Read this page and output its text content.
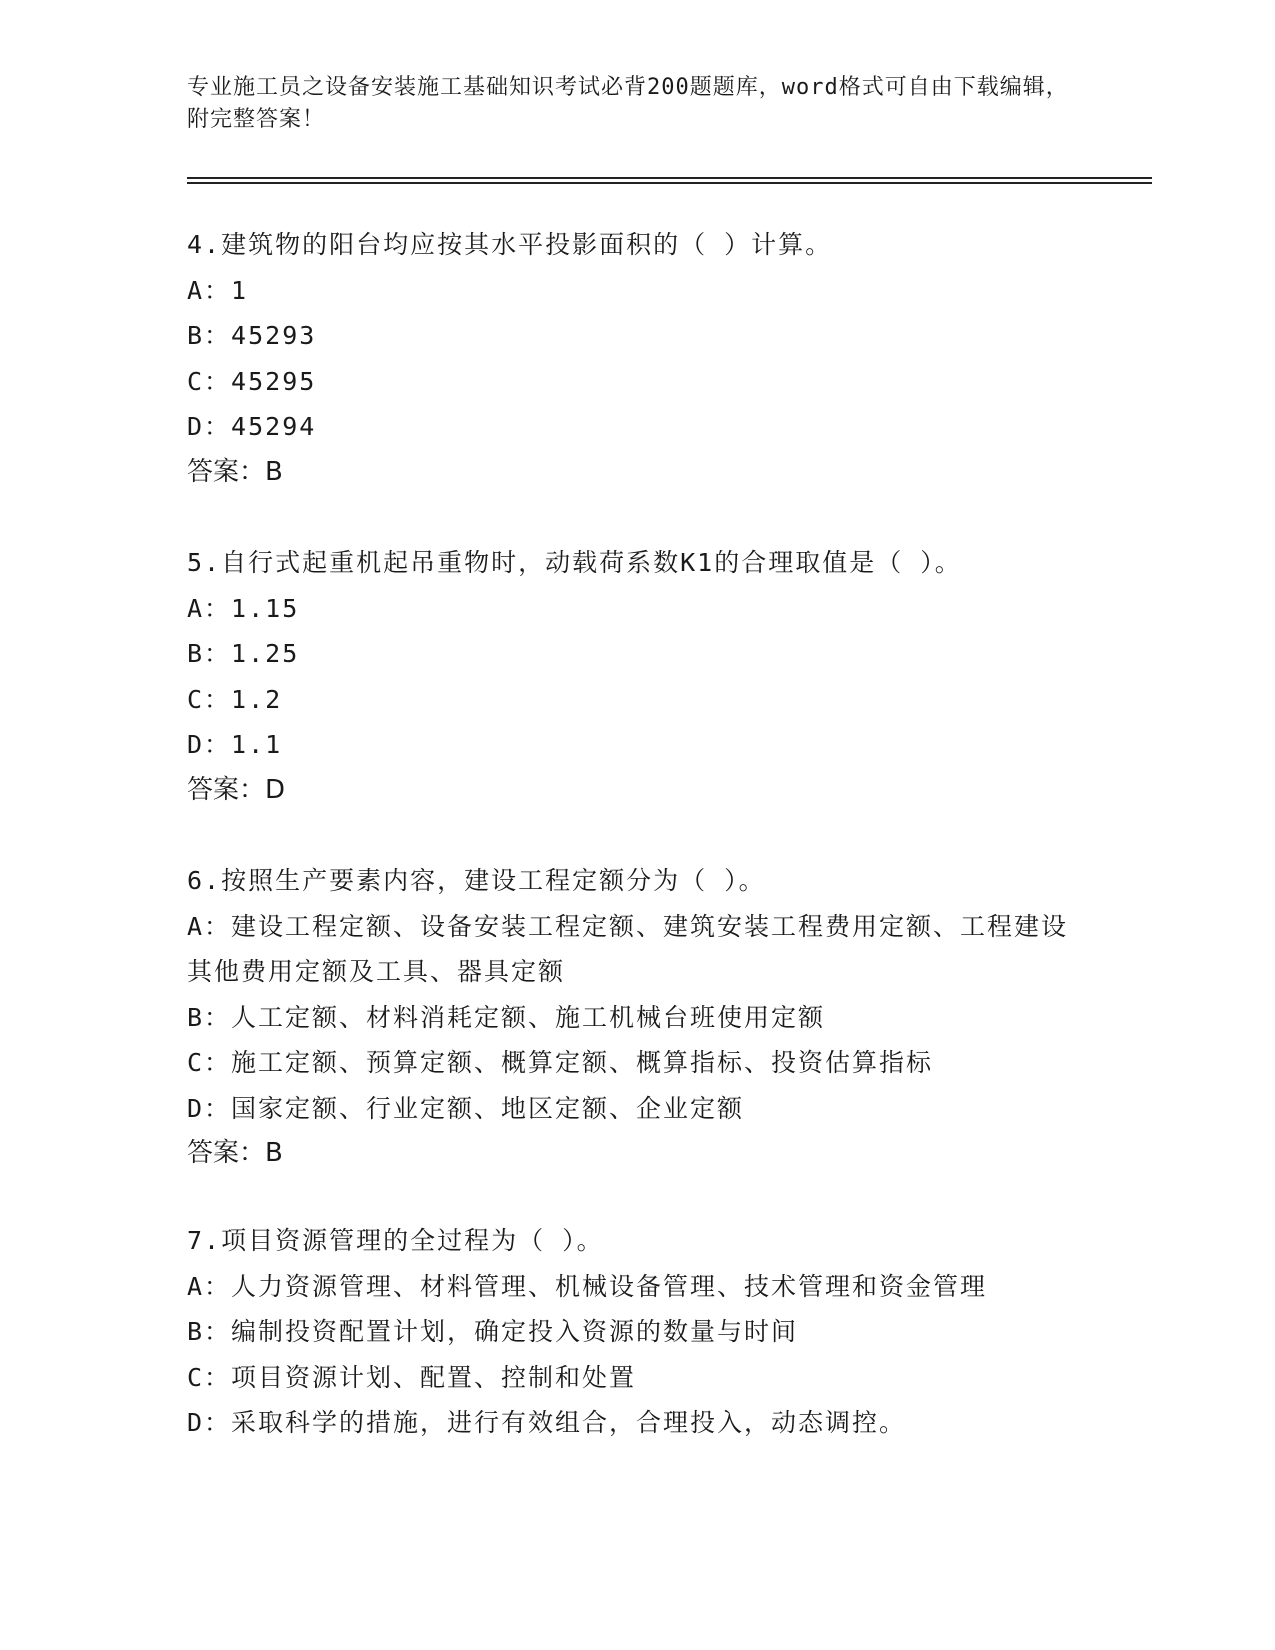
专业施工员之设备安装施工基础知识考试必背200题题库，word格式可自由下载编辑，附完整答案！
4.建筑物的阳台均应按其水平投影面积的（ ）计算。
A：1
B：45293
C：45295
D：45294
答案：B
5.自行式起重机起吊重物时，动载荷系数K1的合理取值是（ ）。
A：1.15
B：1.25
C：1.2
D：1.1
答案：D
6.按照生产要素内容，建设工程定额分为（ ）。
A：建设工程定额、设备安装工程定额、建筑安装工程费用定额、工程建设其他费用定额及工具、器具定额
B：人工定额、材料消耗定额、施工机械台班使用定额
C：施工定额、预算定额、概算定额、概算指标、投资估算指标
D：国家定额、行业定额、地区定额、企业定额
答案：B
7.项目资源管理的全过程为（ ）。
A：人力资源管理、材料管理、机械设备管理、技术管理和资金管理
B：编制投资配置计划，确定投入资源的数量与时间
C：项目资源计划、配置、控制和处置
D：采取科学的措施，进行有效组合，合理投入，动态调控。
